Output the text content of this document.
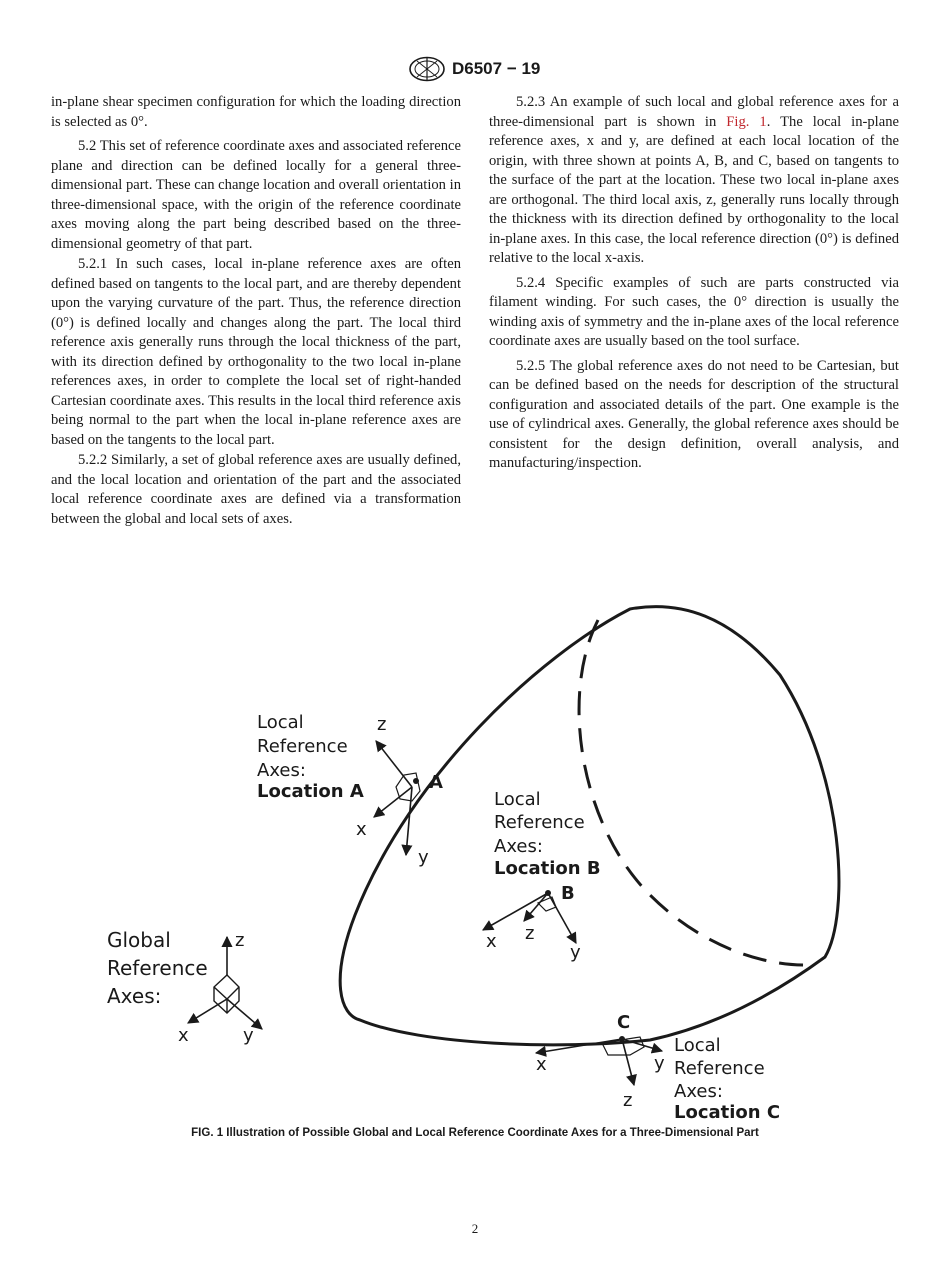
D6507 − 19

in-plane shear specimen configuration for which the loading direction is selected as 0°.

5.2 This set of reference coordinate axes and associated reference plane and direction can be defined locally for a general three-dimensional part. These can change location and overall orientation in three-dimensional space, with the origin of the reference coordinate axes moving along the part being described based on the three-dimensional geometry of that part.

5.2.1 In such cases, local in-plane reference axes are often defined based on tangents to the local part, and are thereby dependent upon the varying curvature of the part. Thus, the reference direction (0°) is defined locally and changes along the part. The local third reference axis generally runs through the local thickness of the part, with its direction defined by orthogonality to the two local in-plane references axes, in order to complete the local set of right-handed Cartesian coordinate axes. This results in the local third reference axis being normal to the part when the local in-plane reference axes are based on the tangents to the local part.

5.2.2 Similarly, a set of global reference axes are usually defined, and the local location and orientation of the part and the associated local reference coordinate axes are defined via a transformation between the global and local sets of axes.

5.2.3 An example of such local and global reference axes for a three-dimensional part is shown in Fig. 1. The local in-plane reference axes, x and y, are defined at each local location of the origin, with three shown at points A, B, and C, based on tangents to the surface of the part at the location. These two local in-plane axes are orthogonal. The third local axis, z, generally runs locally through the thickness with its direction defined by orthogonality to the local in-plane axes. In this case, the local reference direction (0°) is defined relative to the local x-axis.

5.2.4 Specific examples of such are parts constructed via filament winding. For such cases, the 0° direction is usually the winding axis of symmetry and the in-plane axes of the local reference coordinate axes are usually based on the tool surface.

5.2.5 The global reference axes do not need to be Cartesian, but can be defined based on the needs for description of the structural configuration and associated details of the part. One example is the use of cylindrical axes. Generally, the global reference axes should be consistent for the design definition, overall analysis, and manufacturing/inspection.

Local
Reference
Axes:
Location A	A
z
x
y
Local
Reference
Axes:
Location B
B
x z
y
Global
Reference
Axes:
z
x	y
C
x	y
z
Local
Reference
Axes:
Location C
FIG. 1 Illustration of Possible Global and Local Reference Coordinate Axes for a Three-Dimensional Part
2
